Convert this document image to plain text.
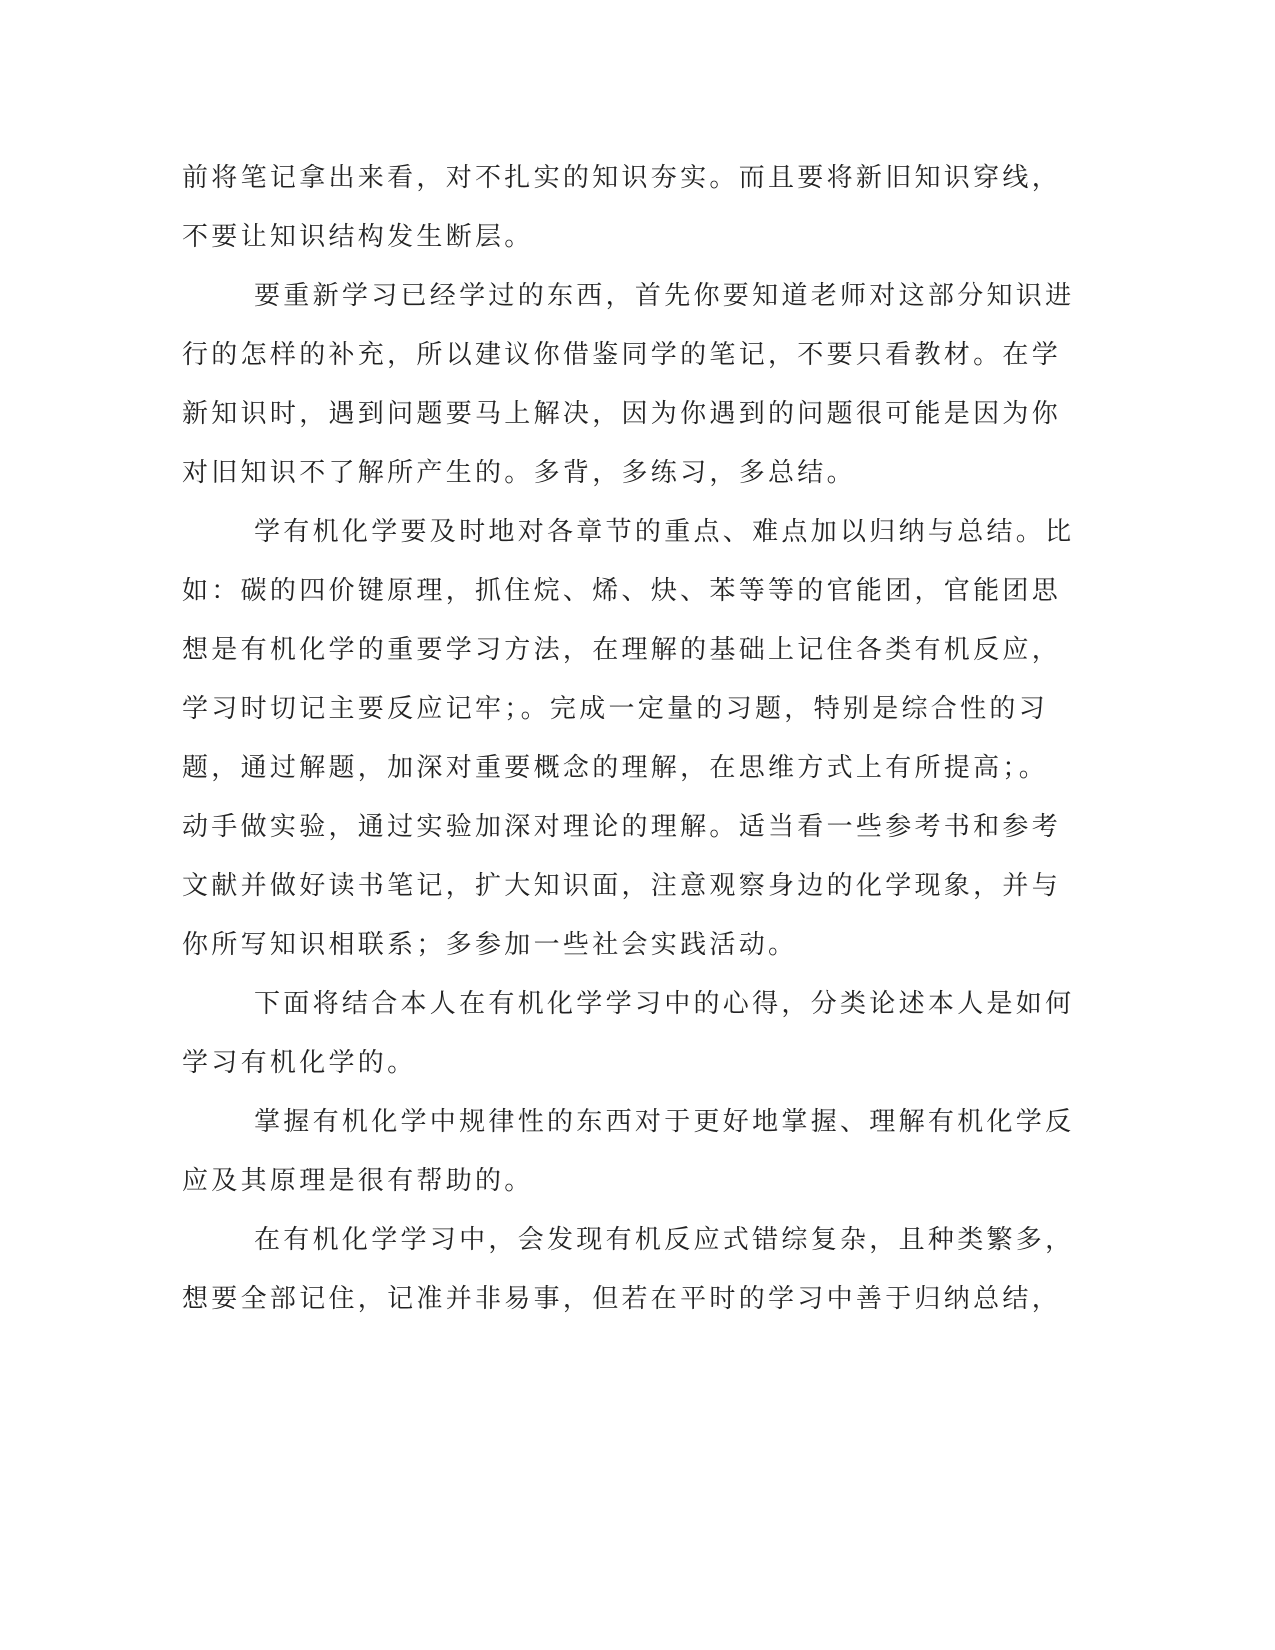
前将笔记拿出来看，对不扎实的知识夯实。而且要将新旧知识穿线，
不要让知识结构发生断层。
要重新学习已经学过的东西，首先你要知道老师对这部分知识进
行的怎样的补充，所以建议你借鉴同学的笔记，不要只看教材。在学
新知识时，遇到问题要马上解决，因为你遇到的问题很可能是因为你
对旧知识不了解所产生的。多背，多练习，多总结。
学有机化学要及时地对各章节的重点、难点加以归纳与总结。比
如：碳的四价键原理，抓住烷、烯、炔、苯等等的官能团，官能团思
想是有机化学的重要学习方法，在理解的基础上记住各类有机反应，
学习时切记主要反应记牢；。完成一定量的习题，特别是综合性的习
题，通过解题，加深对重要概念的理解，在思维方式上有所提高；。
动手做实验，通过实验加深对理论的理解。适当看一些参考书和参考
文献并做好读书笔记，扩大知识面，注意观察身边的化学现象，并与
你所写知识相联系；多参加一些社会实践活动。
下面将结合本人在有机化学学习中的心得，分类论述本人是如何
学习有机化学的。
掌握有机化学中规律性的东西对于更好地掌握、理解有机化学反
应及其原理是很有帮助的。
在有机化学学习中，会发现有机反应式错综复杂，且种类繁多，
想要全部记住，记准并非易事，但若在平时的学习中善于归纳总结，
